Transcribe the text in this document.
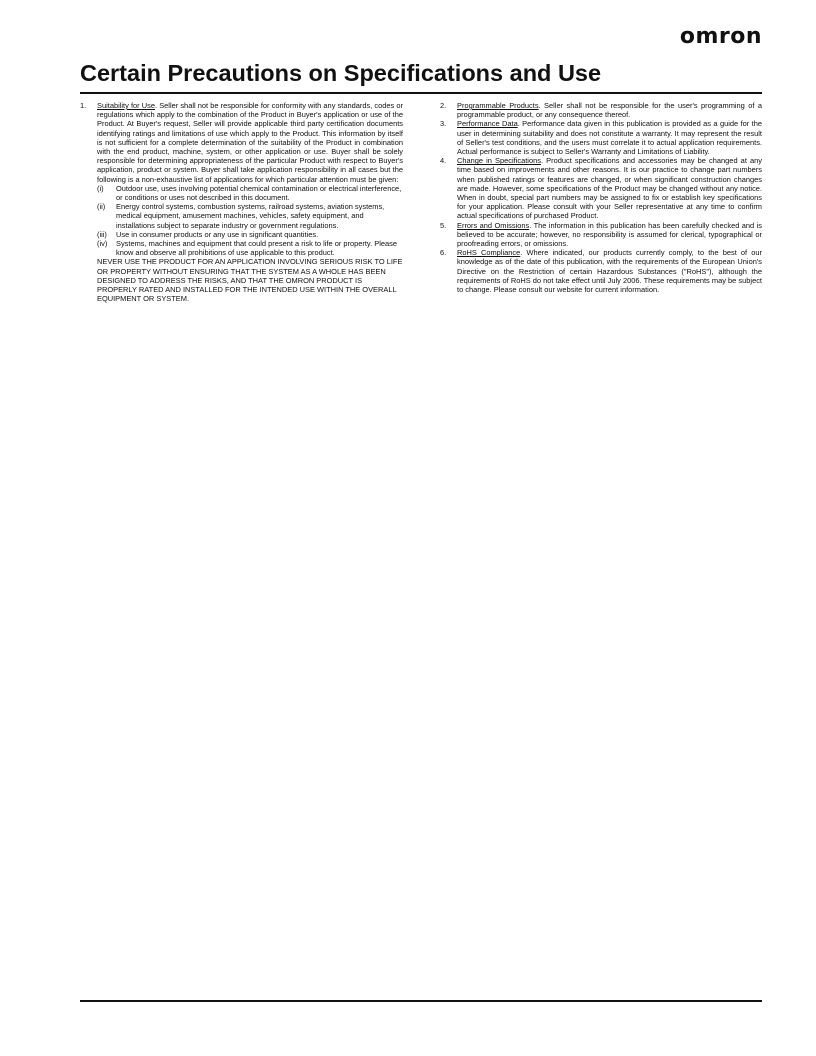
omron
Certain Precautions on Specifications and Use

1.	Suitability for Use. Seller shall not be responsible for conformity with any standards, codes or regulations which apply to the combination of the Product in Buyer's application or use of the Product. At Buyer's request, Seller will provide applicable third party certification documents identifying ratings and limitations of use which apply to the Product. This information by itself is not sufficient for a complete determination of the suitability of the Product in combination with the end product, machine, system, or other application or use. Buyer shall be solely responsible for determining appropriateness of the particular Product with respect to Buyer's application, product or system. Buyer shall take application responsibility in all cases but the following is a non-exhaustive list of applications for which particular attention must be given:

(i) Outdoor use, uses involving potential chemical contamination or electrical interference, or conditions or uses not described in this document.
(ii) Energy control systems, combustion systems, railroad systems, aviation systems, medical equipment, amusement machines, vehicles, safety equipment, and installations subject to separate industry or government regulations.
(iii) Use in consumer products or any use in significant quantities.
(iv) Systems, machines and equipment that could present a risk to life or property. Please know and observe all prohibitions of use applicable to this product.
NEVER USE THE PRODUCT FOR AN APPLICATION INVOLVING SERIOUS RISK TO LIFE OR PROPERTY WITHOUT ENSURING THAT THE SYSTEM AS A WHOLE HAS BEEN DESIGNED TO ADDRESS THE RISKS, AND THAT THE OMRON PRODUCT IS PROPERLY RATED AND INSTALLED FOR THE INTENDED USE WITHIN THE OVERALL EQUIPMENT OR SYSTEM.

2.	Programmable Products. Seller shall not be responsible for the user's programming of a programmable product, or any consequence thereof.

3.	Performance Data. Performance data given in this publication is provided as a guide for the user in determining suitability and does not constitute a warranty. It may represent the result of Seller's test conditions, and the users must correlate it to actual application requirements. Actual performance is subject to Seller's Warranty and Limitations of Liability.

4.	Change in Specifications. Product specifications and accessories may be changed at any time based on improvements and other reasons. It is our practice to change part numbers when published ratings or features are changed, or when significant construction changes are made. However, some specifications of the Product may be changed without any notice. When in doubt, special part numbers may be assigned to fix or establish key specifications for your application. Please consult with your Seller representative at any time to confirm actual specifications of purchased Product.

5.	Errors and Omissions. The information in this publication has been carefully checked and is believed to be accurate; however, no responsibility is assumed for clerical, typographical or proofreading errors, or omissions.

6.	RoHS Compliance. Where indicated, our products currently comply, to the best of our knowledge as of the date of this publication, with the requirements of the European Union's Directive on the Restriction of certain Hazardous Substances ("RoHS"), although the requirements of RoHS do not take effect until July 2006. These requirements may be subject to change. Please consult our website for current information.
